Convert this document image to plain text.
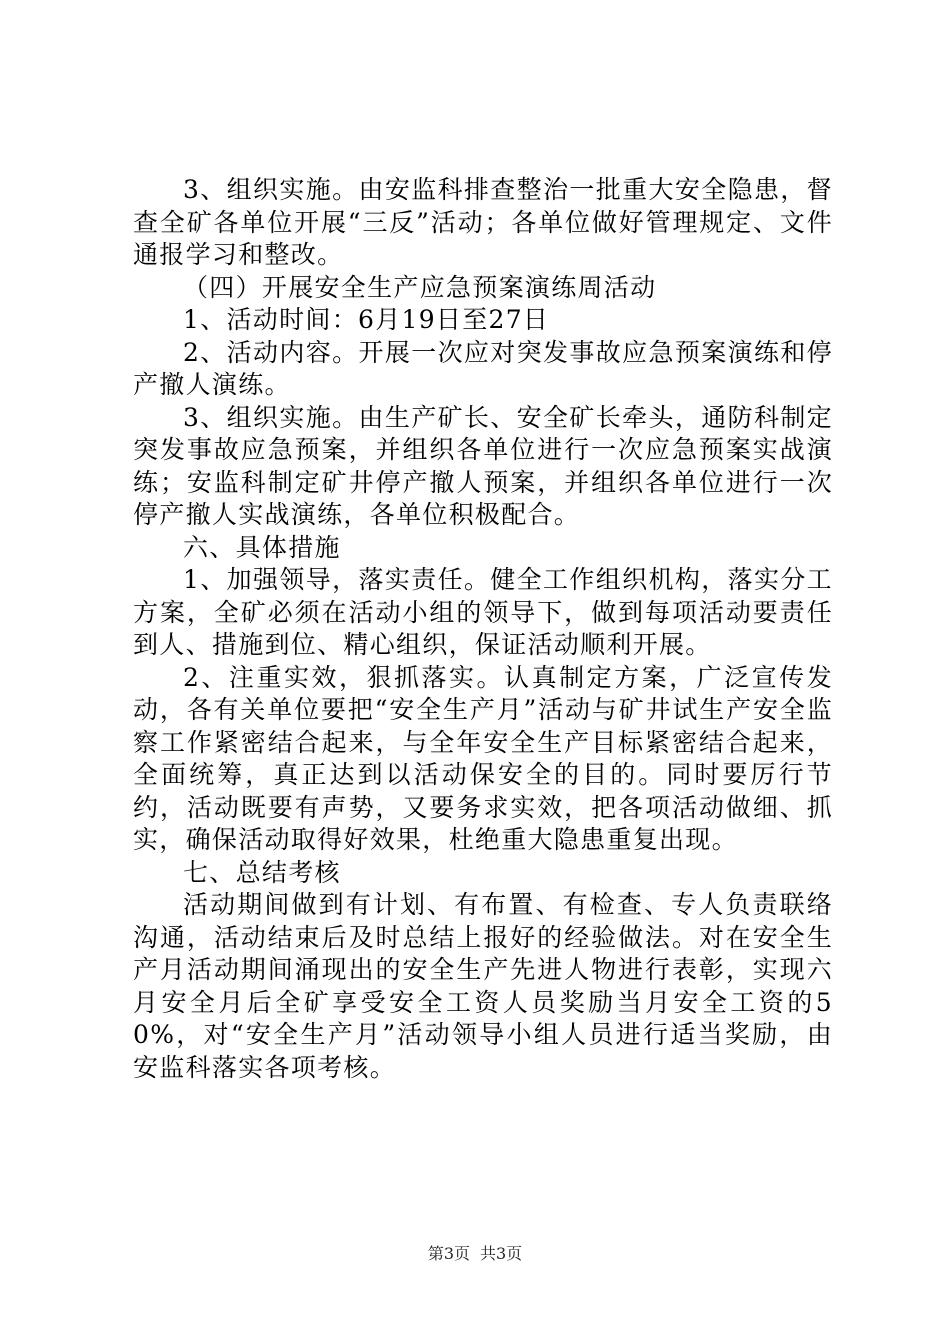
3、组织实施。由安监科排查整治一批重大安全隐患，督查全矿各单位开展“三反”活动；各单位做好管理规定、文件通报学习和整改。

（四）开展安全生产应急预案演练周活动

1、活动时间：6月19日至27日

2、活动内容。开展一次应对突发事故应急预案演练和停产撤人演练。

3、组织实施。由生产矿长、安全矿长牵头，通防科制定突发事故应急预案，并组织各单位进行一次应急预案实战演练；安监科制定矿井停产撤人预案，并组织各单位进行一次停产撤人实战演练，各单位积极配合。

六、具体措施

1、加强领导，落实责任。健全工作组织机构，落实分工方案，全矿必须在活动小组的领导下，做到每项活动要责任到人、措施到位、精心组织，保证活动顺利开展。

2、注重实效，狠抓落实。认真制定方案，广泛宣传发动，各有关单位要把“安全生产月”活动与矿井试生产安全监察工作紧密结合起来，与全年安全生产目标紧密结合起来，全面统筹，真正达到以活动保安全的目的。同时要厉行节约，活动既要有声势，又要务求实效，把各项活动做细、抓实，确保活动取得好效果，杜绝重大隐患重复出现。

七、总结考核

活动期间做到有计划、有布置、有检查、专人负责联络沟通，活动结束后及时总结上报好的经验做法。对在安全生产月活动期间涌现出的安全生产先进人物进行表彰，实现六月安全月后全矿享受安全工资人员奖励当月安全工资的50%，对“安全生产月”活动领导小组人员进行适当奖励，由安监科落实各项考核。

第3页 共3页
